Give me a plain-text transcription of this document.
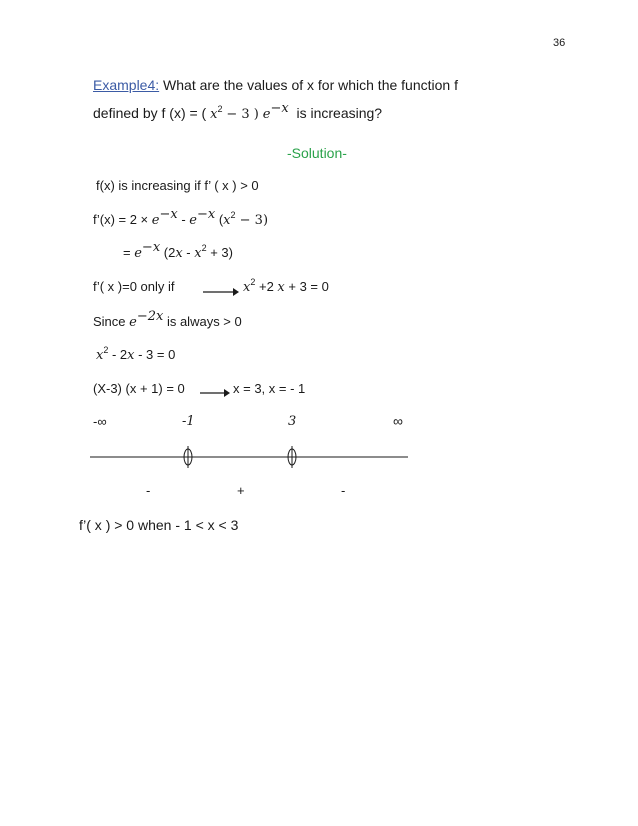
36
Example4: What are the values of x for which the function f
defined by f (x) = ( $x^2 - 3$ ) $e^{-x}$ is increasing?
-Solution-
f(x) is increasing if f’ ( x ) > 0
f’(x) = $2 \times e^{-x} - e^{-x}$ $(x^2 - 3)$
= $e^{-x}$ $(2x - x^2 + 3)$
f’( x )=0 only if	$x^2 +2$ x + 3 = 0
Since $e^{-2x}$ is always > 0
$x^2 - 2x - 3 = 0$
(X-3) (x + 1) = 0	x = 3, x = - 1
-∞	-1	3	∞
-	+	-
f’( x ) > 0 when - 1 < x < 3
